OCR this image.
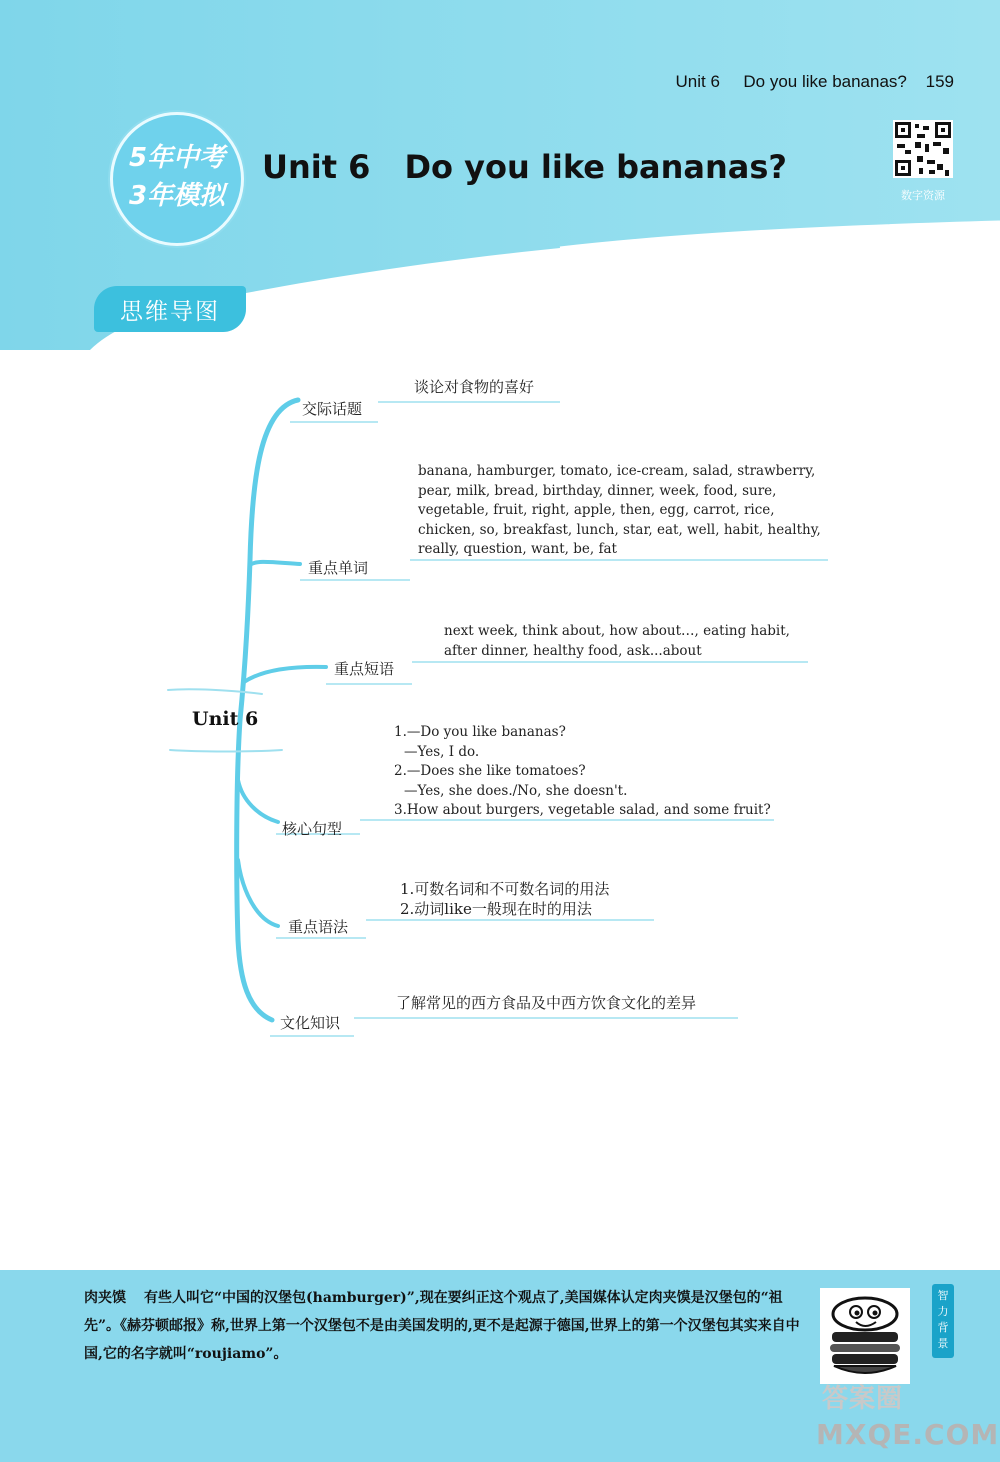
Unit 6 Do you like bananas? 159
5年中考
3年模拟
Unit 6 Do you like bananas?
数字资源
思维导图
Unit 6
交际话题
谈论对食物的喜好
重点单词
banana, hamburger, tomato, ice-cream, salad, strawberry,
pear, milk, bread, birthday, dinner, week, food, sure,
vegetable, fruit, right, apple, then, egg, carrot, rice,
chicken, so, breakfast, lunch, star, eat, well, habit, healthy,
really, question, want, be, fat
重点短语
next week, think about, how about…, eating habit,
after dinner, healthy food, ask...about
核心句型
1.—Do you like bananas?
—Yes, I do.
2.—Does she like tomatoes?
—Yes, she does./No, she doesn't.
3.How about burgers, vegetable salad, and some fruit?
重点语法
1.可数名词和不可数名词的用法
2.动词like一般现在时的用法
文化知识
了解常见的西方食品及中西方饮食文化的差异
肉夹馍 有些人叫它“中国的汉堡包(hamburger)”,现在要纠正这个观点了,美国媒体认定肉夹馍是汉堡包的“祖先”。《赫芬顿邮报》称,世界上第一个汉堡包不是由美国发明的,更不是起源于德国,世界上的第一个汉堡包其实来自中国,它的名字就叫“roujiamo”。
智力背景
答案圈
MXQE.COM
